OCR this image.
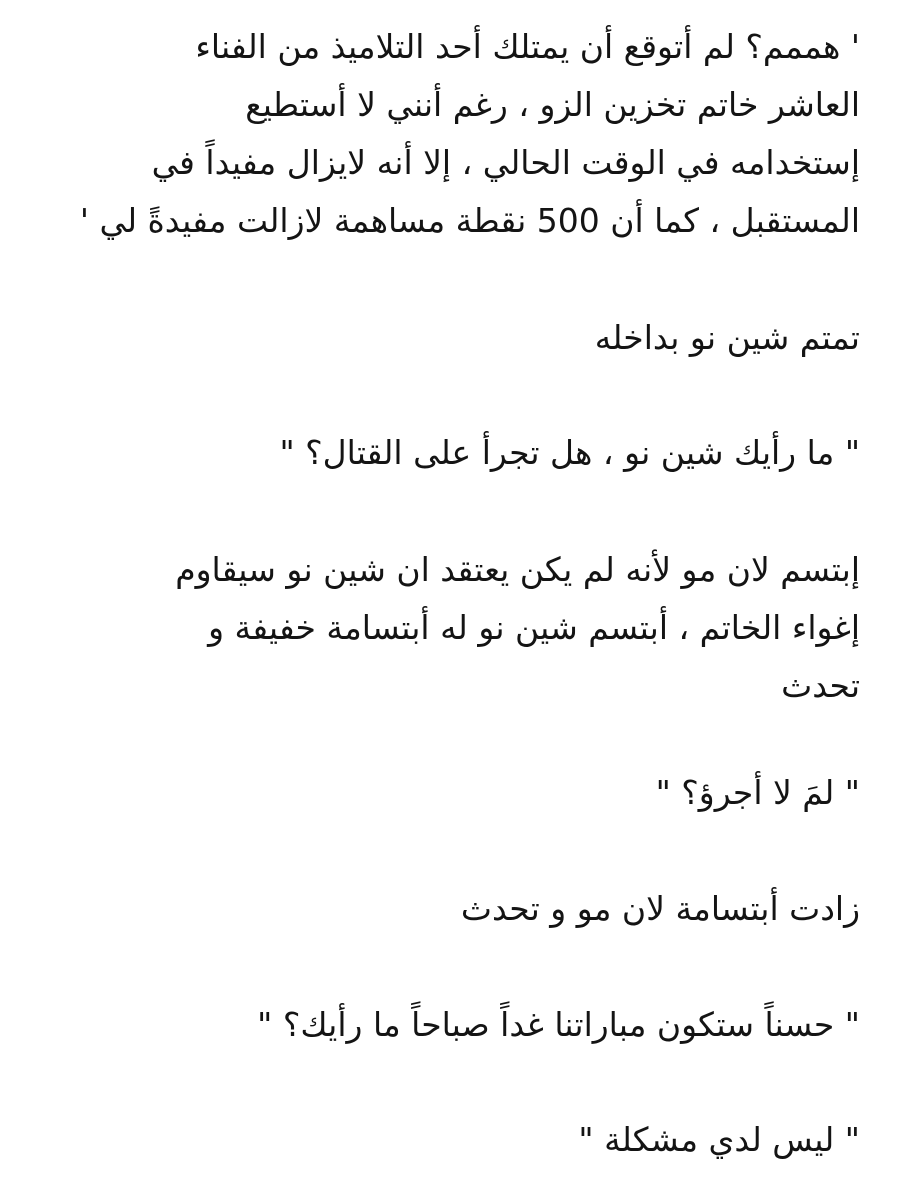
' هممم؟ لم أتوقع أن يمتلك أحد التلاميذ من الفناء
العاشر خاتم تخزين الزو ، رغم أنني لا أستطيع
إستخدامه في الوقت الحالي ، إلا أنه لايزال مفيداً في
المستقبل ، كما أن 500 نقطة مساهمة لازالت مفيدةً لي '

تمتم شين نو بداخله

" ما رأيك شين نو ، هل تجرأ على القتال؟ "

إبتسم لان مو لأنه لم يكن يعتقد ان شين نو سيقاوم
إغواء الخاتم ، أبتسم شين نو له أبتسامة خفيفة و
تحدث

" لمَ لا أجرؤ؟ "

زادت أبتسامة لان مو و تحدث

" حسناً ستكون مباراتنا غداً صباحاً ما رأيك؟ "

" ليس لدي مشكلة "
